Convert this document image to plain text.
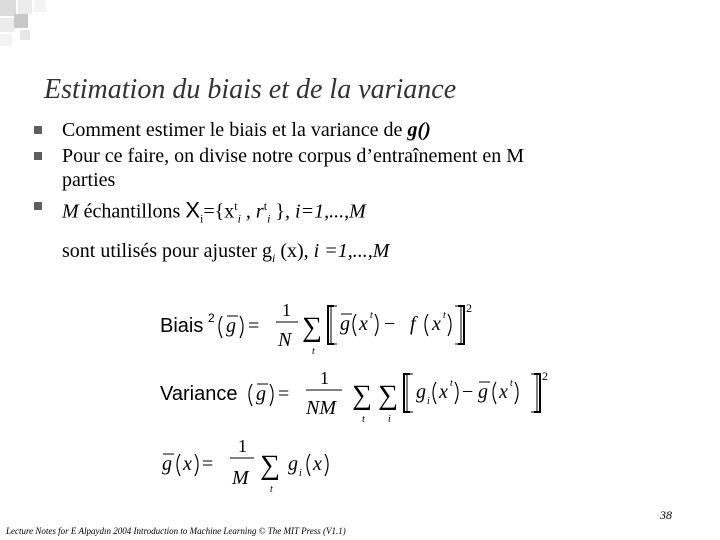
Estimation du biais et de la variance
Comment estimer le biais et la variance de g()
Pour ce faire, on divise notre corpus d’entraînement en M
parties
M échantillons $X_i=\{x^t_i$ , $r^t_i$ }, i=1,...,M
sont utilisés pour ajuster $g_i$ (x), i =1,...,M
Biais 2 g =
1
N ∑
t
g x t − f x t
2
Variance g =
1
NM ∑
t
∑
i
g i x t − g x t
2
g x =
1
M ∑
t
g i x
38
Lecture Notes for E Alpaydın 2004 Introduction to Machine Learning © The MIT Press (V1.1)
